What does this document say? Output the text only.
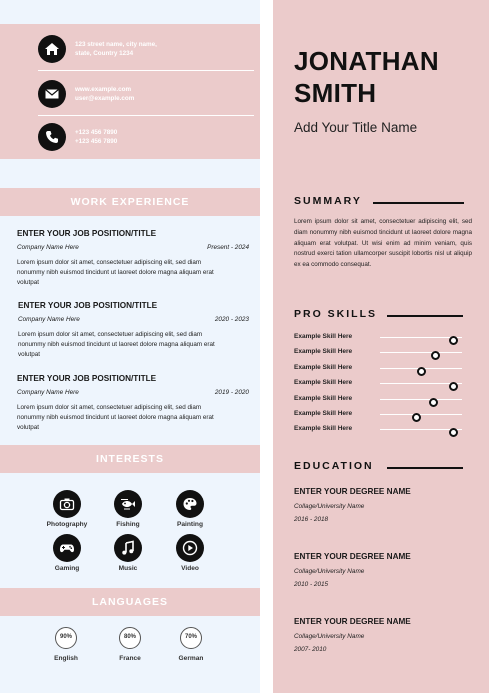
123 street name, city name,
state, Country 1234
www.example.com
user@example.com
+123 456 7890
+123 456 7890
WORK EXPERIENCE
ENTER YOUR JOB POSITION/TITLE
Company Name Here	Present - 2024
Lorem ipsum dolor sit amet, consectetuer adipiscing elit, sed diam nonummy nibh euismod tincidunt ut laoreet dolore magna aliquam erat volutpat
ENTER YOUR JOB POSITION/TITLE
Company Name Here	2020 - 2023
Lorem ipsum dolor sit amet, consectetuer adipiscing elit, sed diam nonummy nibh euismod tincidunt ut laoreet dolore magna aliquam erat volutpat
ENTER YOUR JOB POSITION/TITLE
Company Name Here	2019 - 2020
Lorem ipsum dolor sit amet, consectetuer adipiscing elit, sed diam nonummy nibh euismod tincidunt ut laoreet dolore magna aliquam erat volutpat
INTERESTS
Photography	Fishing	Painting
Gaming	Music	Video
LANGUAGES
90%
English
80%
France
70%
German
JONATHAN
SMITH
Add Your Title Name
SUMMARY
Lorem ipsum dolor sit amet, consectetuer adipiscing elit, sed diam nonummy nibh euismod tincidunt ut laoreet dolore magna aliquam erat volutpat. Ut wisi enim ad minim veniam, quis nostrud exerci tation ullamcorper suscipit lobortis nisl ut aliquip ex ea commodo consequat.
PRO SKILLS
Example Skill Here
Example Skill Here
Example Skill Here
Example Skill Here
Example Skill Here
Example Skill Here
Example Skill Here
EDUCATION
ENTER YOUR DEGREE NAME
Collage/University Name
2016 - 2018
ENTER YOUR DEGREE NAME
Collage/University Name
2010 - 2015
ENTER YOUR DEGREE NAME
Collage/University Name
2007- 2010
